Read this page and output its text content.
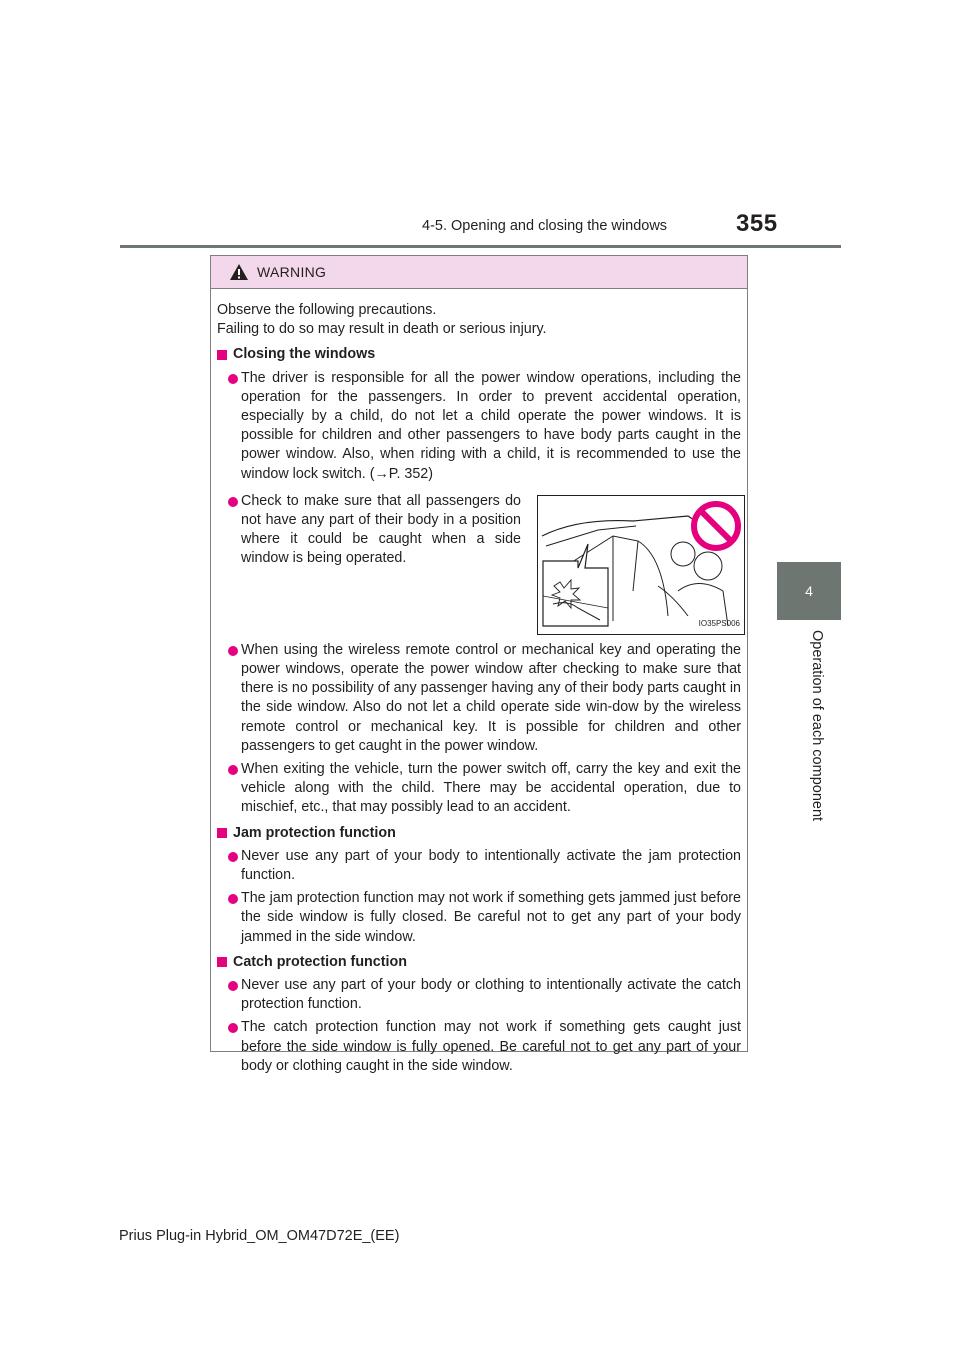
4-5. Opening and closing the windows	355
4
Operation of each component
WARNING

Observe the following precautions.

Failing to do so may result in death or serious injury.

Closing the windows
The driver is responsible for all the power window operations, including the operation for the passengers. In order to prevent accidental operation, especially by a child, do not let a child operate the power windows. It is possible for children and other passengers to have body parts caught in the power window. Also, when riding with a child, it is recommended to use the window lock switch. (→P. 352)
Check to make sure that all passengers do not have any part of their body in a position where it could be caught when a side window is being operated.
IO35PS006
When using the wireless remote control or mechanical key and operating the power windows, operate the power window after checking to make sure that there is no possibility of any passenger having any of their body parts caught in the side window. Also do not let a child operate side win-dow by the wireless remote control or mechanical key. It is possible for children and other passengers to get caught in the power window.
When exiting the vehicle, turn the power switch off, carry the key and exit the vehicle along with the child. There may be accidental operation, due to mischief, etc., that may possibly lead to an accident.
Jam protection function
Never use any part of your body to intentionally activate the jam protection function.
The jam protection function may not work if something gets jammed just before the side window is fully closed. Be careful not to get any part of your body jammed in the side window.
Catch protection function
Never use any part of your body or clothing to intentionally activate the catch protection function.
The catch protection function may not work if something gets caught just before the side window is fully opened. Be careful not to get any part of your body or clothing caught in the side window.
Prius Plug-in Hybrid_OM_OM47D72E_(EE)
